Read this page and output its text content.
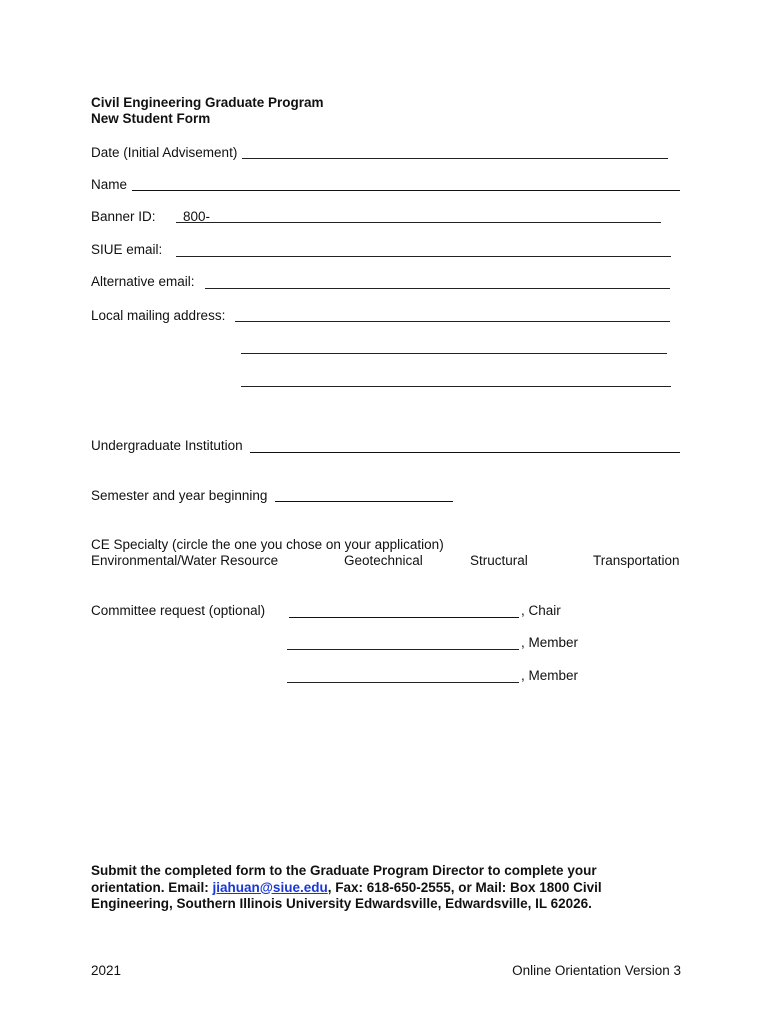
Civil Engineering Graduate Program
New Student Form
Date (Initial Advisement)
Name
Banner ID: 800-
SIUE email:
Alternative email:
Local mailing address:
Undergraduate Institution
Semester and year beginning
CE Specialty (circle the one you chose on your application)
Environmental/Water Resource	Geotechnical	Structural	Transportation
Committee request (optional)	, Chair
, Member
, Member
Submit the completed form to the Graduate Program Director to complete your orientation. Email: jiahuan@siue.edu, Fax: 618-650-2555, or Mail: Box 1800 Civil Engineering, Southern Illinois University Edwardsville, Edwardsville, IL 62026.
2021	Online Orientation Version 3
